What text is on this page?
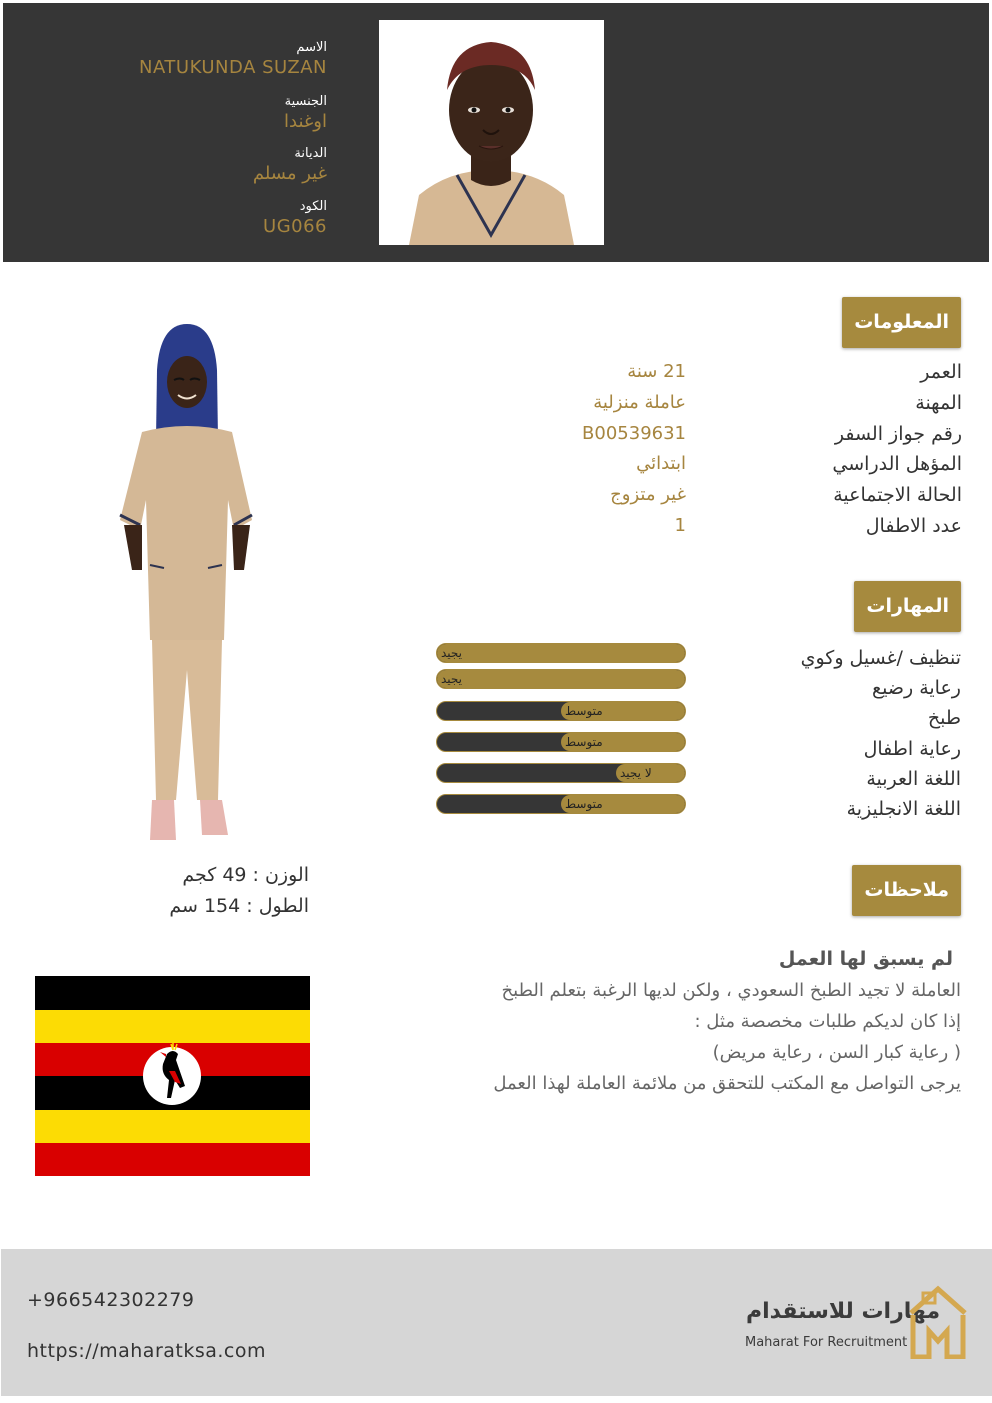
الاسم
NATUKUNDA SUZAN
الجنسية
اوغندا
الديانة
غير مسلم
الكود
UG066
المعلومات
العمر
21 سنة
المهنة
عاملة منزلية
رقم جواز السفر
B00539631
المؤهل الدراسي
ابتدائي
الحالة الاجتماعية
غير متزوج
عدد الاطفال
1
المهارات
تنظيف /غسيل وكوي
رعاية رضيع
طبخ
رعاية اطفال
اللغة العربية
اللغة الانجليزية
يجيد
يجيد
متوسط
متوسط
لا يجيد
متوسط
ملاحظات
لم يسبق لها العمل
العاملة لا تجيد الطبخ السعودي ، ولكن لديها الرغبة بتعلم الطبخ
إذا كان لديكم طلبات مخصصة مثل :
( رعاية كبار السن ، رعاية مريض)
يرجى التواصل مع المكتب للتحقق من ملائمة العاملة لهذا العمل
الوزن : 49 كجم
الطول : 154 سم
+966542302279
https://maharatksa.com
مهارات للاستقدام
Maharat For Recruitment
